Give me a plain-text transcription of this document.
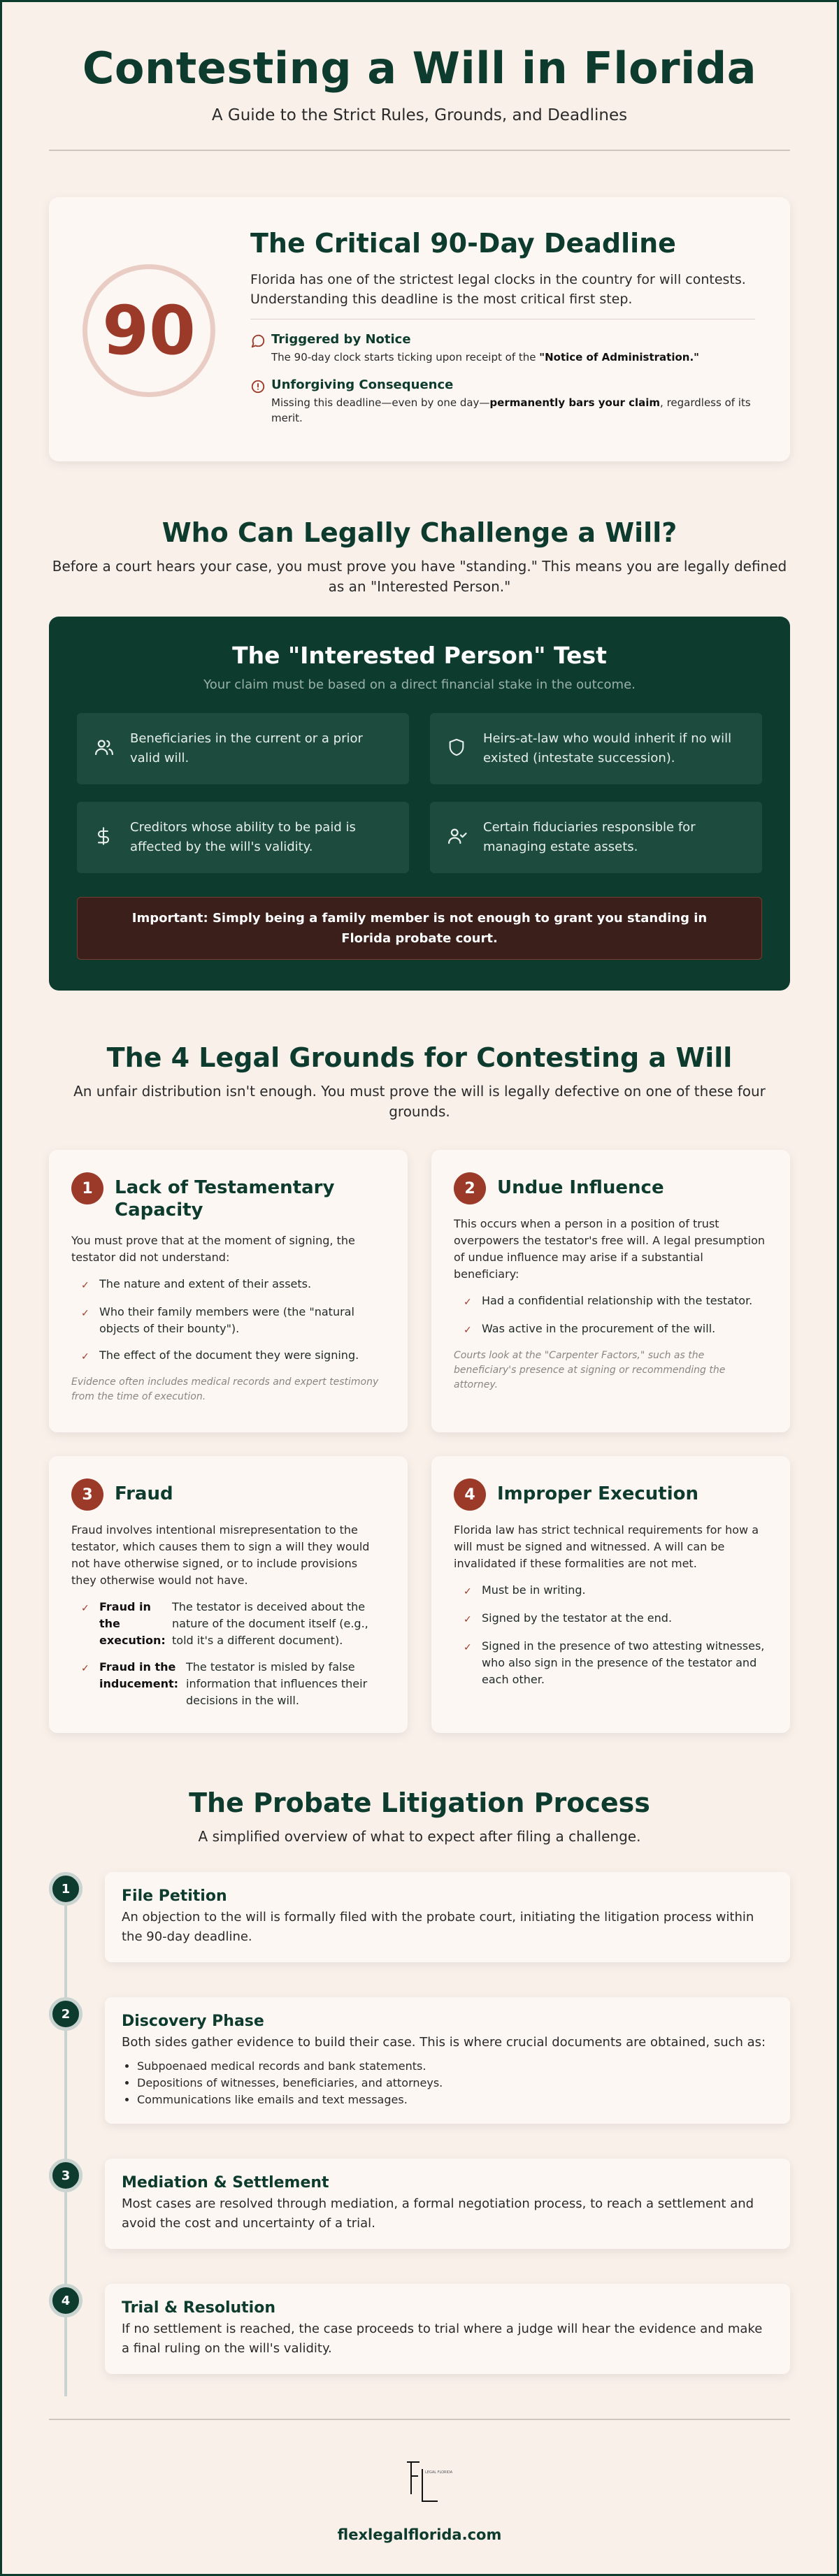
Contesting a Will in Florida
A Guide to the Strict Rules, Grounds, and Deadlines
90
The Critical 90-Day Deadline

Florida has one of the strictest legal clocks in the country for will contests. Understanding this deadline is the most critical first step.

Triggered by Notice
The 90-day clock starts ticking upon receipt of the "Notice of Administration."
Unforgiving Consequence
Missing this deadline—even by one day—permanently bars your claim, regardless of its merit.
Who Can Legally Challenge a Will?

Before a court hears your case, you must prove you have "standing." This means you are legally defined as an "Interested Person."

The "Interested Person" Test
Your claim must be based on a direct financial stake in the outcome.
Beneficiaries in the current or a prior valid will.
Heirs-at-law who would inherit if no will existed (intestate succession).
Creditors whose ability to be paid is affected by the will's validity.
Certain fiduciaries responsible for managing estate assets.
Important: Simply being a family member is not enough to grant you standing in Florida probate court.
The 4 Legal Grounds for Contesting a Will

An unfair distribution isn't enough. You must prove the will is legally defective on one of these four grounds.

1	Lack of Testamentary Capacity

You must prove that at the moment of signing, the testator did not understand:

✓ The nature and extent of their assets.
✓ Who their family members were (the "natural objects of their bounty").
✓ The effect of the document they were signing.

Evidence often includes medical records and expert testimony from the time of execution.

2	Undue Influence

This occurs when a person in a position of trust overpowers the testator's free will. A legal presumption of undue influence may arise if a substantial beneficiary:

✓ Had a confidential relationship with the testator.
✓ Was active in the procurement of the will.

Courts look at the "Carpenter Factors," such as the beneficiary's presence at signing or recommending the attorney.

3	Fraud

Fraud involves intentional misrepresentation to the testator, which causes them to sign a will they would not have otherwise signed, or to include provisions they otherwise would not have.

✓ Fraud in the execution:
The testator is deceived about the nature of the document itself (e.g., told it's a different document).
✓ Fraud in the inducement:
The testator is misled by false information that influences their decisions in the will.
4	Improper Execution

Florida law has strict technical requirements for how a will must be signed and witnessed. A will can be invalidated if these formalities are not met.

✓ Must be in writing.
✓ Signed by the testator at the end.
✓ Signed in the presence of two attesting witnesses, who also sign in the presence of the testator and each other.
The Probate Litigation Process

A simplified overview of what to expect after filing a challenge.

1	File Petition

An objection to the will is formally filed with the probate court, initiating the litigation process within the 90-day deadline.

2	Discovery Phase

Both sides gather evidence to build their case. This is where crucial documents are obtained, such as:

• Subpoenaed medical records and bank statements.
• Depositions of witnesses, beneficiaries, and attorneys.
• Communications like emails and text messages.
3	Mediation & Settlement

Most cases are resolved through mediation, a formal negotiation process, to reach a settlement and avoid the cost and uncertainty of a trial.

4	Trial & Resolution

If no settlement is reached, the case proceeds to trial where a judge will hear the evidence and make a final ruling on the will's validity.

LEGAL FLORIDA
flexlegalflorida.com
